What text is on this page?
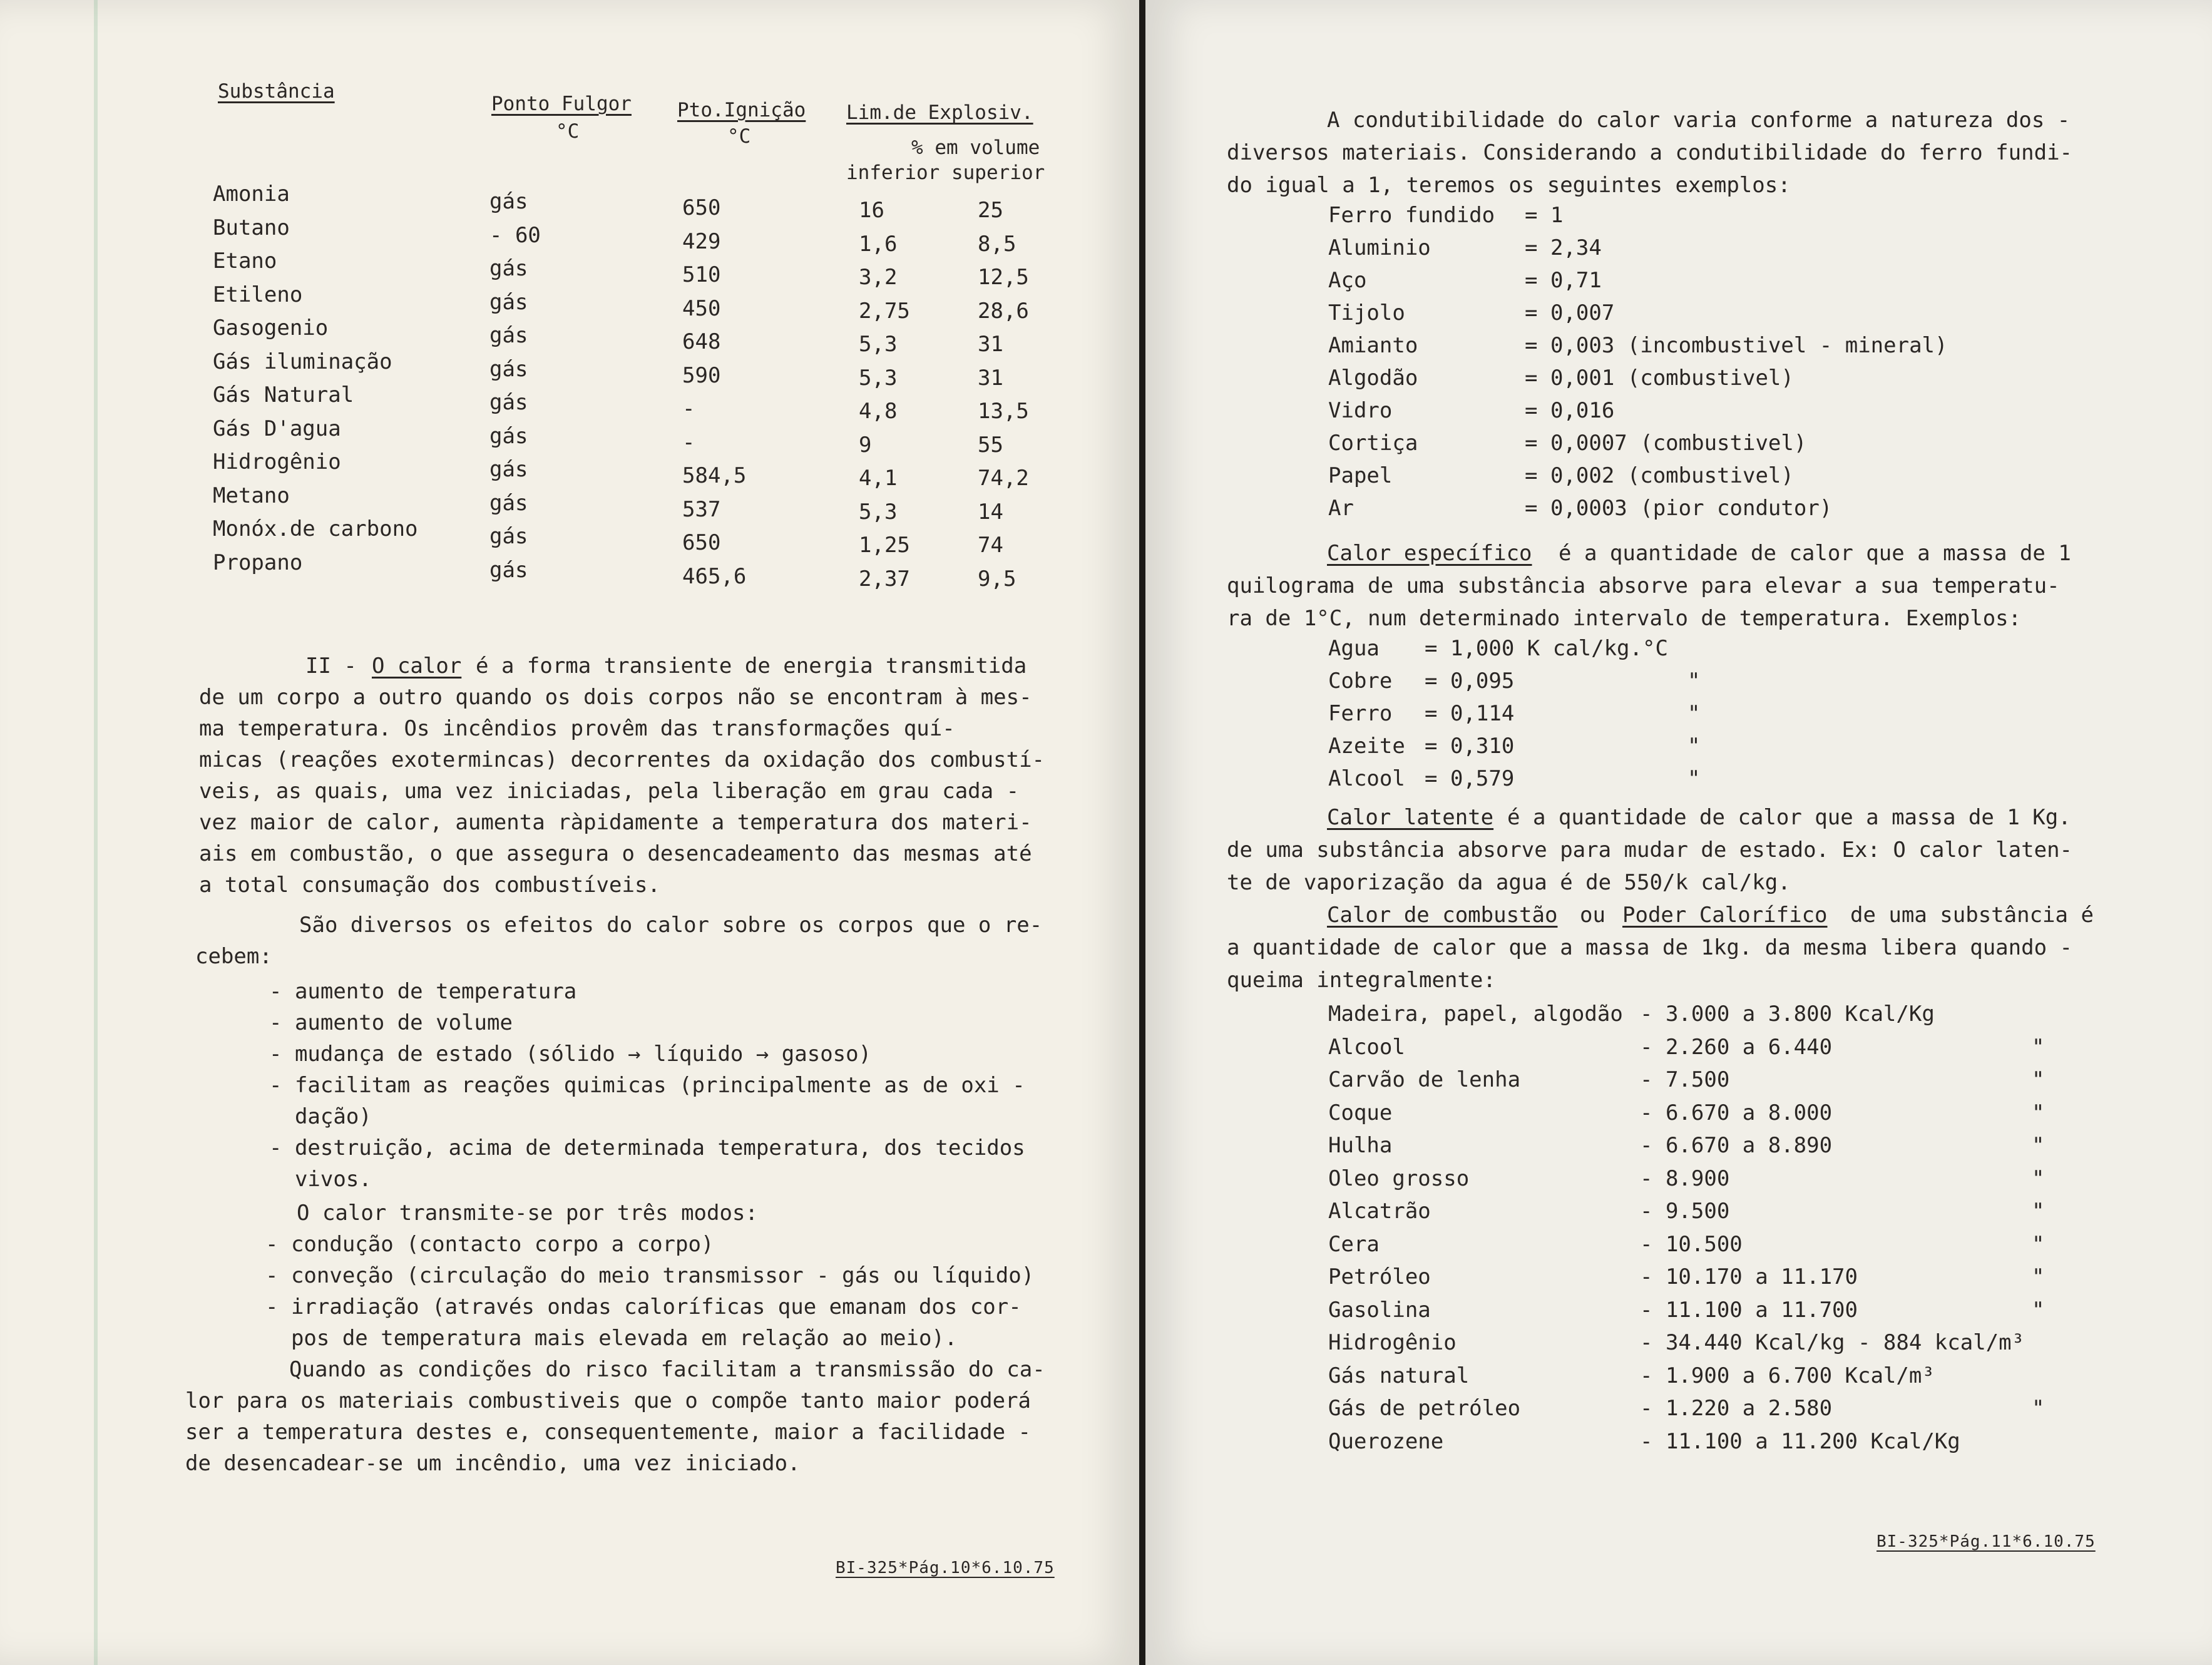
Substância
Ponto Fulgor
°C
Pto.Ignição
°C
Lim.de Explosiv.
% em volume
inferior superior
Amonia	gás	650	16	25
Butano	- 60	429	1,6	8,5
Etano	gás	510	3,2	12,5
Etileno	gás	450	2,75	28,6
Gasogenio	gás	648	5,3	31
Gás iluminação	gás	590	5,3	31
Gás Natural	gás	-	4,8	13,5
Gás D'agua	gás	-	9	55
Hidrogênio	gás	584,5	4,1	74,2
Metano	gás	537	5,3	14
Monóx.de carbono	gás	650	1,25	74
Propano	gás	465,6	2,37	9,5
II - O calor é a forma transiente de energia transmitida
de um corpo a outro quando os dois corpos não se encontram à mes-
ma temperatura. Os incêndios provêm das transformações quí-
micas (reações exotermincas) decorrentes da oxidação dos combustí-
veis, as quais, uma vez iniciadas, pela liberação em grau cada -
vez maior de calor, aumenta ràpidamente a temperatura dos materi-
ais em combustão, o que assegura o desencadeamento das mesmas até
a total consumação dos combustíveis.
São diversos os efeitos do calor sobre os corpos que o re-
cebem:
- aumento de temperatura
- aumento de volume
- mudança de estado (sólido → líquido → gasoso)
- facilitam as reações quimicas (principalmente as de oxi -
dação)
- destruição, acima de determinada temperatura, dos tecidos
vivos.
O calor transmite-se por três modos:
- condução (contacto corpo a corpo)
- conveção (circulação do meio transmissor - gás ou líquido)
- irradiação (através ondas caloríficas que emanam dos cor-
pos de temperatura mais elevada em relação ao meio).
Quando as condições do risco facilitam a transmissão do ca-
lor para os materiais combustiveis que o compõe tanto maior poderá
ser a temperatura destes e, consequentemente, maior a facilidade -
de desencadear-se um incêndio, uma vez iniciado.
BI-325*Pág.10*6.10.75
A condutibilidade do calor varia conforme a natureza dos -
diversos materiais. Considerando a condutibilidade do ferro fundi-
do igual a 1, teremos os seguintes exemplos:
Ferro fundido = 1
Aluminio	= 2,34
Aço	= 0,71
Tijolo	= 0,007
Amianto	= 0,003 (incombustivel - mineral)
Algodão	= 0,001 (combustivel)
Vidro	= 0,016
Cortiça	= 0,0007 (combustivel)
Papel	= 0,002 (combustivel)
Ar	= 0,0003 (pior condutor)
Calor específico é a quantidade de calor que a massa de 1
quilograma de uma substância absorve para elevar a sua temperatu-
ra de 1°C, num determinado intervalo de temperatura. Exemplos:
Agua = 1,000 K cal/kg.°C
Cobre = 0,095	"
Ferro = 0,114	"
Azeite = 0,310	"
Alcool = 0,579	"
Calor latente é a quantidade de calor que a massa de 1 Kg.
de uma substância absorve para mudar de estado. Ex: O calor laten-
te de vaporização da agua é de 550/k cal/kg.
Calor de combustão ou Poder Calorífico de uma substância é
a quantidade de calor que a massa de 1kg. da mesma libera quando -
queima integralmente:
Madeira, papel, algodão - 3.000 a 3.800 Kcal/Kg
Alcool	- 2.260 a 6.440	"
Carvão de lenha	- 7.500	"
Coque	- 6.670 a 8.000	"
Hulha	- 6.670 a 8.890	"
Oleo grosso	- 8.900	"
Alcatrão	- 9.500	"
Cera	- 10.500	"
Petróleo	- 10.170 a 11.170	"
Gasolina	- 11.100 a 11.700	"
Hidrogênio	- 34.440 Kcal/kg - 884 kcal/m³
Gás natural	- 1.900 a 6.700 Kcal/m³
Gás de petróleo	- 1.220 a 2.580	"
Querozene	- 11.100 a 11.200 Kcal/Kg
BI-325*Pág.11*6.10.75
